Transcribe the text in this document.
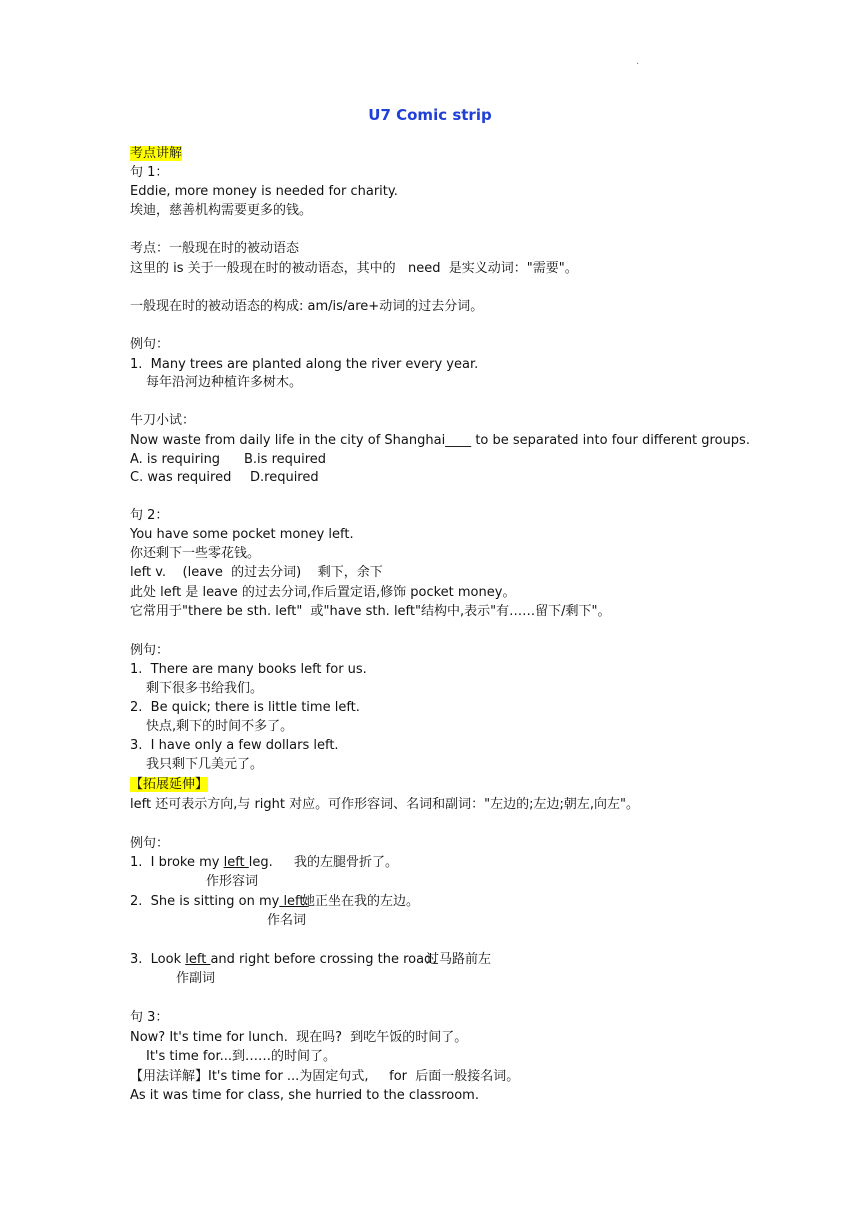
.
U7 Comic strip
考点讲解
句 1：
Eddie, more money is needed for charity.
埃迪，慈善机构需要更多的钱。
考点：一般现在时的被动语态
这里的 is 关于一般现在时的被动语态，其中的   need  是实义动词："需要"。
一般现在时的被动语态的构成: am/is/are+动词的过去分词。
例句：
1.  Many trees are planted along the river every year.
每年沿河边种植许多树木。
牛刀小试：
Now waste from daily life in the city of Shanghai____ to be separated into four different groups.
A. is requiring B.is required
C. was required D.required
句 2：
You have some pocket money left.
你还剩下一些零花钱。
left v.    (leave  的过去分词)    剩下，余下
此处 left 是 leave 的过去分词,作后置定语,修饰 pocket money。
它常用于"there be sth. left"  或"have sth. left"结构中,表示"有……留下/剩下"。
例句：
1.  There are many books left for us.
剩下很多书给我们。
2.  Be quick; there is little time left.
快点,剩下的时间不多了。
3.  I have only a few dollars left.
我只剩下几美元了。
【拓展延伸】
left 还可表示方向,与 right 对应。可作形容词、名词和副词："左边的;左边;朝左,向左"。
例句：
1.  I broke my left leg. 我的左腿骨折了。
作形容词
2.  She is sitting on my left.
她正坐在我的左边。
作名词
3.  Look left and right before crossing the road.
过马路前左
作副词
句 3：
Now? It's time for lunch.  现在吗?  到吃午饭的时间了。
It's time for...到……的时间了。
【用法详解】It's time for ...为固定句式,     for  后面一般接名词。
As it was time for class, she hurried to the classroom.
